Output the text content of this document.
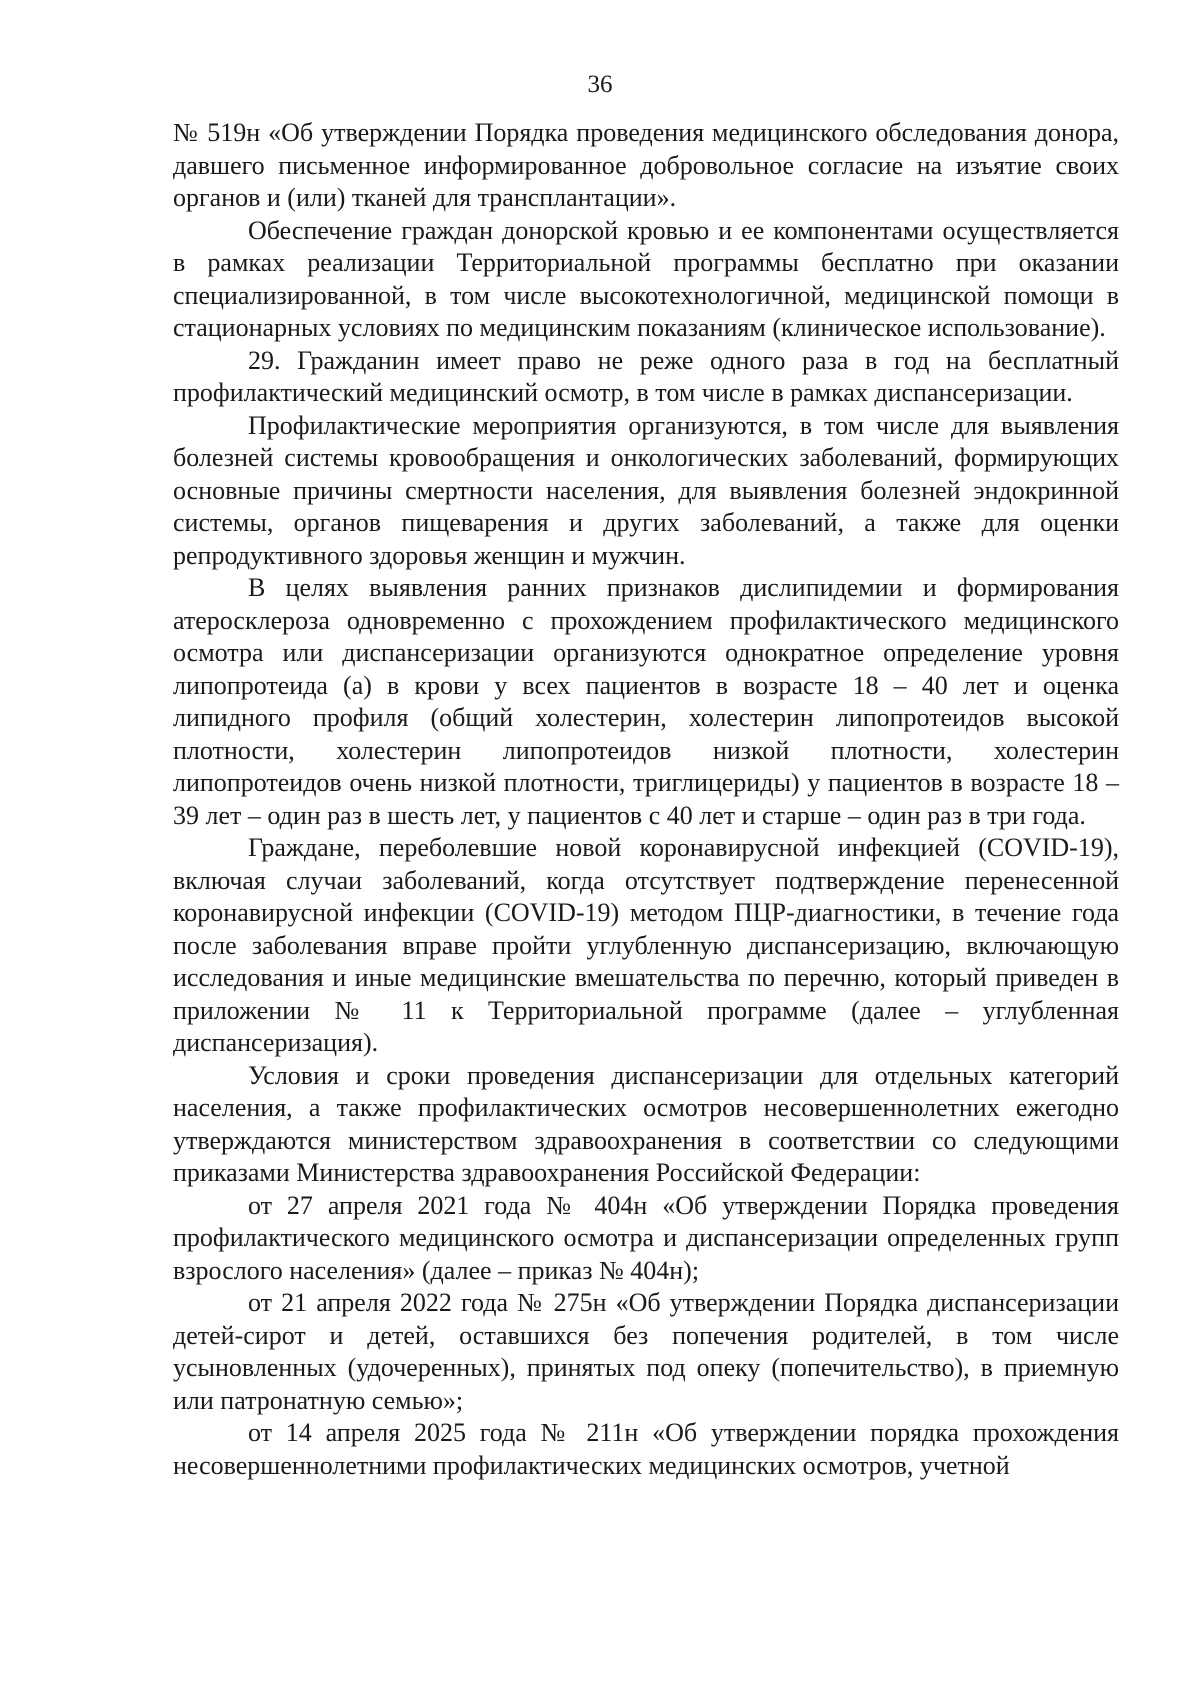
36

№ 519н «Об утверждении Порядка проведения медицинского обследования донора, давшего письменное информированное добровольное согласие на изъятие своих органов и (или) тканей для трансплантации».

Обеспечение граждан донорской кровью и ее компонентами осуществляется в рамках реализации Территориальной программы бесплатно при оказании специализированной, в том числе высокотехнологичной, медицинской помощи в стационарных условиях по медицинским показаниям (клиническое использование).

29. Гражданин имеет право не реже одного раза в год на бесплатный профилактический медицинский осмотр, в том числе в рамках диспансеризации.

Профилактические мероприятия организуются, в том числе для выявления болезней системы кровообращения и онкологических заболеваний, формирующих основные причины смертности населения, для выявления болезней эндокринной системы, органов пищеварения и других заболеваний, а также для оценки репродуктивного здоровья женщин и мужчин.

В целях выявления ранних признаков дислипидемии и формирования атеросклероза одновременно с прохождением профилактического медицинского осмотра или диспансеризации организуются однократное определение уровня липопротеида (а) в крови у всех пациентов в возрасте 18 – 40 лет и оценка липидного профиля (общий холестерин, холестерин липопротеидов высокой плотности, холестерин липопротеидов низкой плотности, холестерин липопротеидов очень низкой плотности, триглицериды) у пациентов в возрасте 18 – 39 лет – один раз в шесть лет, у пациентов с 40 лет и старше – один раз в три года.

Граждане, переболевшие новой коронавирусной инфекцией (COVID-19), включая случаи заболеваний, когда отсутствует подтверждение перенесенной коронавирусной инфекции (COVID-19) методом ПЦР-диагностики, в течение года после заболевания вправе пройти углубленную диспансеризацию, включающую исследования и иные медицинские вмешательства по перечню, который приведен в приложении № 11 к Территориальной программе (далее – углубленная диспансеризация).

Условия и сроки проведения диспансеризации для отдельных категорий населения, а также профилактических осмотров несовершеннолетних ежегодно утверждаются министерством здравоохранения в соответствии со следующими приказами Министерства здравоохранения Российской Федерации:

от 27 апреля 2021 года № 404н «Об утверждении Порядка проведения профилактического медицинского осмотра и диспансеризации определенных групп взрослого населения» (далее – приказ № 404н);

от 21 апреля 2022 года № 275н «Об утверждении Порядка диспансеризации детей-сирот и детей, оставшихся без попечения родителей, в том числе усыновленных (удочеренных), принятых под опеку (попечительство), в приемную или патронатную семью»;

от 14 апреля 2025 года № 211н «Об утверждении порядка прохождения несовершеннолетними профилактических медицинских осмотров, учетной
